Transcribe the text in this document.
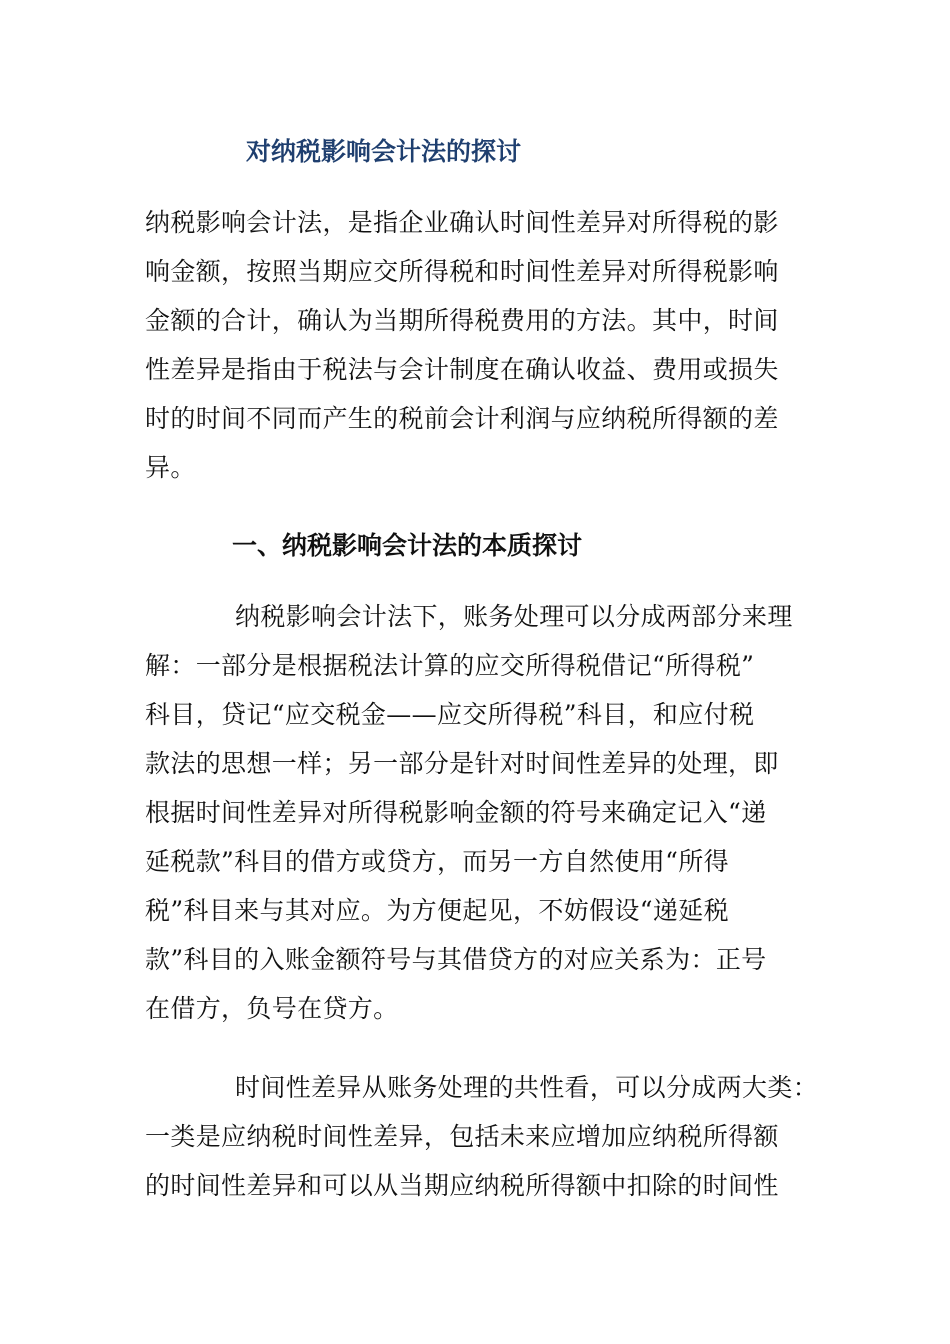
对纳税影响会计法的探讨
纳税影响会计法，是指企业确认时间性差异对所得税的影
响金额，按照当期应交所得税和时间性差异对所得税影响
金额的合计，确认为当期所得税费用的方法。其中，时间
性差异是指由于税法与会计制度在确认收益、费用或损失
时的时间不同而产生的税前会计利润与应纳税所得额的差
异。
一、纳税影响会计法的本质探讨
纳税影响会计法下，账务处理可以分成两部分来理
解：一部分是根据税法计算的应交所得税借记“所得税”
科目，贷记“应交税金——应交所得税”科目，和应付税
款法的思想一样；另一部分是针对时间性差异的处理，即
根据时间性差异对所得税影响金额的符号来确定记入“递
延税款”科目的借方或贷方，而另一方自然使用“所得
税”科目来与其对应。为方便起见，不妨假设“递延税
款”科目的入账金额符号与其借贷方的对应关系为：正号
在借方，负号在贷方。
时间性差异从账务处理的共性看，可以分成两大类：
一类是应纳税时间性差异，包括未来应增加应纳税所得额
的时间性差异和可以从当期应纳税所得额中扣除的时间性
